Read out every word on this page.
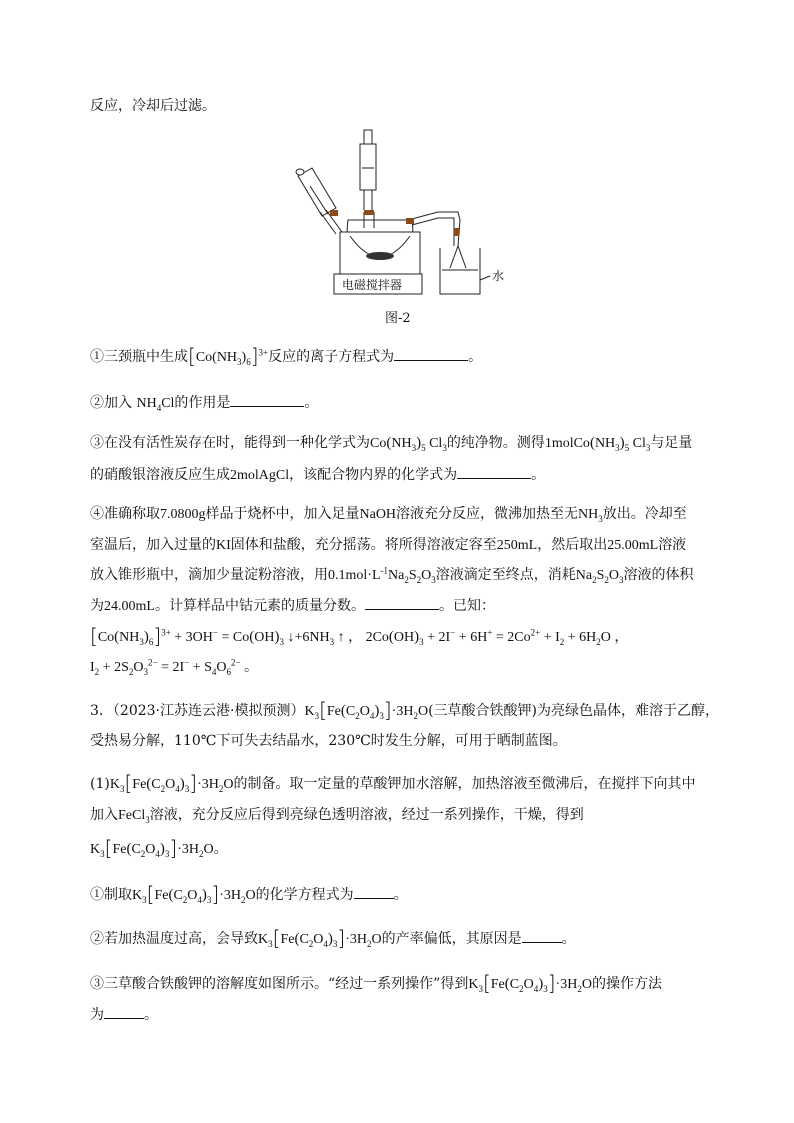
反应，冷却后过滤。
电磁搅拌器
水
图-2
①三颈瓶中生成$[Co(NH_3)_6]^{3+}$反应的离子方程式为	。
②加入 $NH_4Cl$的作用是	。
③在没有活性炭存在时，能得到一种化学式为$Co(NH_3)_5$ $Cl_3$的纯净物。测得$1molCo(NH_3)_5$ $Cl_3$与足量
的硝酸银溶液反应生成2molAgCl，该配合物内界的化学式为	。
④准确称取7.0800g样品于烧杯中，加入足量NaOH溶液充分反应，微沸加热至无$NH_3$放出。冷却至
室温后，加入过量的KI固体和盐酸，充分摇荡。将所得溶液定容至250mL，然后取出25.00mL溶液
放入锥形瓶中，滴加少量淀粉溶液，用$0.1mol\cdot L^{-1}Na_2S_2O_3$溶液滴定至终点，消耗$Na_2S_2O_3$溶液的体积
为24.00mL。计算样品中钴元素的质量分数。	。已知：
$[Co(NH_3)_6]^{3+} + 3OH^- = Co(OH)_3$ $↓+6NH_3$ ↑ ， $2Co(OH)_3 + 2I^- + 6H^+ = 2Co^{2+} + I_2 + 6H_2O$ ，
$I_2 + 2S_2O_3^{2-} = 2I^- + S_4O_6^{2-}$ 。
3．（2023·江苏连云港·模拟预测）$K_3[Fe(C_2O_4)_3]\cdot 3H_2O$(三草酸合铁酸钾)为亮绿色晶体，难溶于乙醇，
受热易分解，110℃下可失去结晶水，230℃时发生分解，可用于晒制蓝图。
$(1)K_3[Fe(C_2O_4)_3]\cdot 3H_2O$的制备。取一定量的草酸钾加水溶解，加热溶液至微沸后，在搅拌下向其中
加入FeCl$_3$溶液，充分反应后得到亮绿色透明溶液，经过一系列操作，干燥，得到
$K_3[Fe(C_2O_4)_3]\cdot 3H_2O$。
①制取$K_3[Fe(C_2O_4)_3]\cdot 3H_2O$的化学方程式为	。
②若加热温度过高，会导致$K_3[Fe(C_2O_4)_3]\cdot 3H_2O$的产率偏低，其原因是	。
③三草酸合铁酸钾的溶解度如图所示。“经过一系列操作”得到$K_3[Fe(C_2O_4)_3]\cdot 3H_2O$的操作方法
为	。
